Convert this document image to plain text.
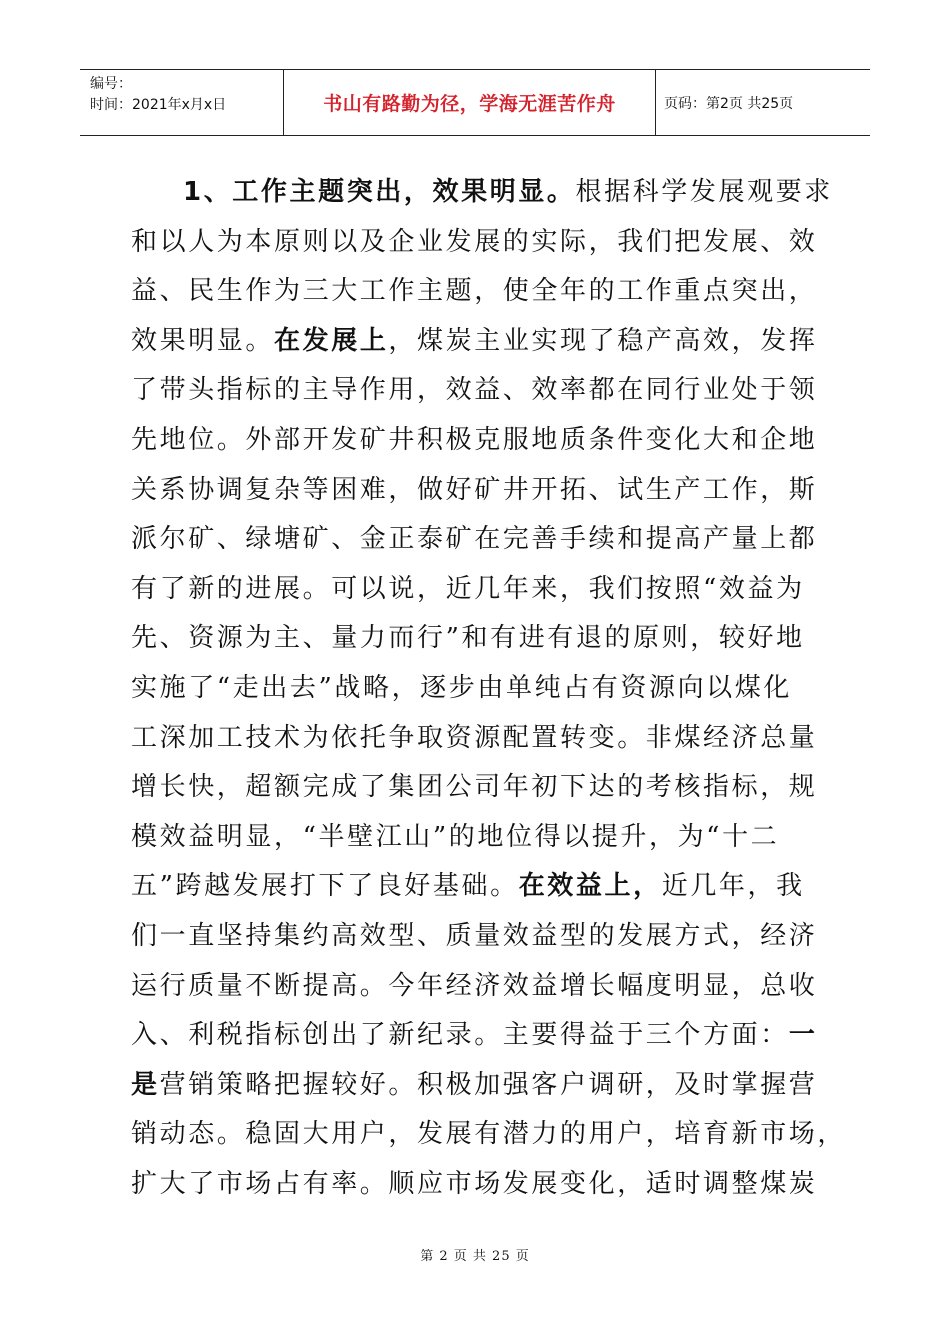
编号：
时间：2021年x月x日	书山有路勤为径，学海无涯苦作舟	页码：第2页 共25页
1、工作主题突出，效果明显。根据科学发展观要求
和以人为本原则以及企业发展的实际，我们把发展、效
益、民生作为三大工作主题，使全年的工作重点突出，
效果明显。在发展上，煤炭主业实现了稳产高效，发挥
了带头指标的主导作用，效益、效率都在同行业处于领
先地位。外部开发矿井积极克服地质条件变化大和企地
关系协调复杂等困难，做好矿井开拓、试生产工作，斯
派尔矿、绿塘矿、金正泰矿在完善手续和提高产量上都
有了新的进展。可以说，近几年来，我们按照“效益为
先、资源为主、量力而行”和有进有退的原则，较好地
实施了“走出去”战略，逐步由单纯占有资源向以煤化
工深加工技术为依托争取资源配置转变。非煤经济总量
增长快，超额完成了集团公司年初下达的考核指标，规
模效益明显，“半壁江山”的地位得以提升，为“十二
五”跨越发展打下了良好基础。在效益上，近几年，我
们一直坚持集约高效型、质量效益型的发展方式，经济
运行质量不断提高。今年经济效益增长幅度明显，总收
入、利税指标创出了新纪录。主要得益于三个方面：一
是营销策略把握较好。积极加强客户调研，及时掌握营
销动态。稳固大用户，发展有潜力的用户，培育新市场，
扩大了市场占有率。顺应市场发展变化，适时调整煤炭
第 2 页 共 25 页
